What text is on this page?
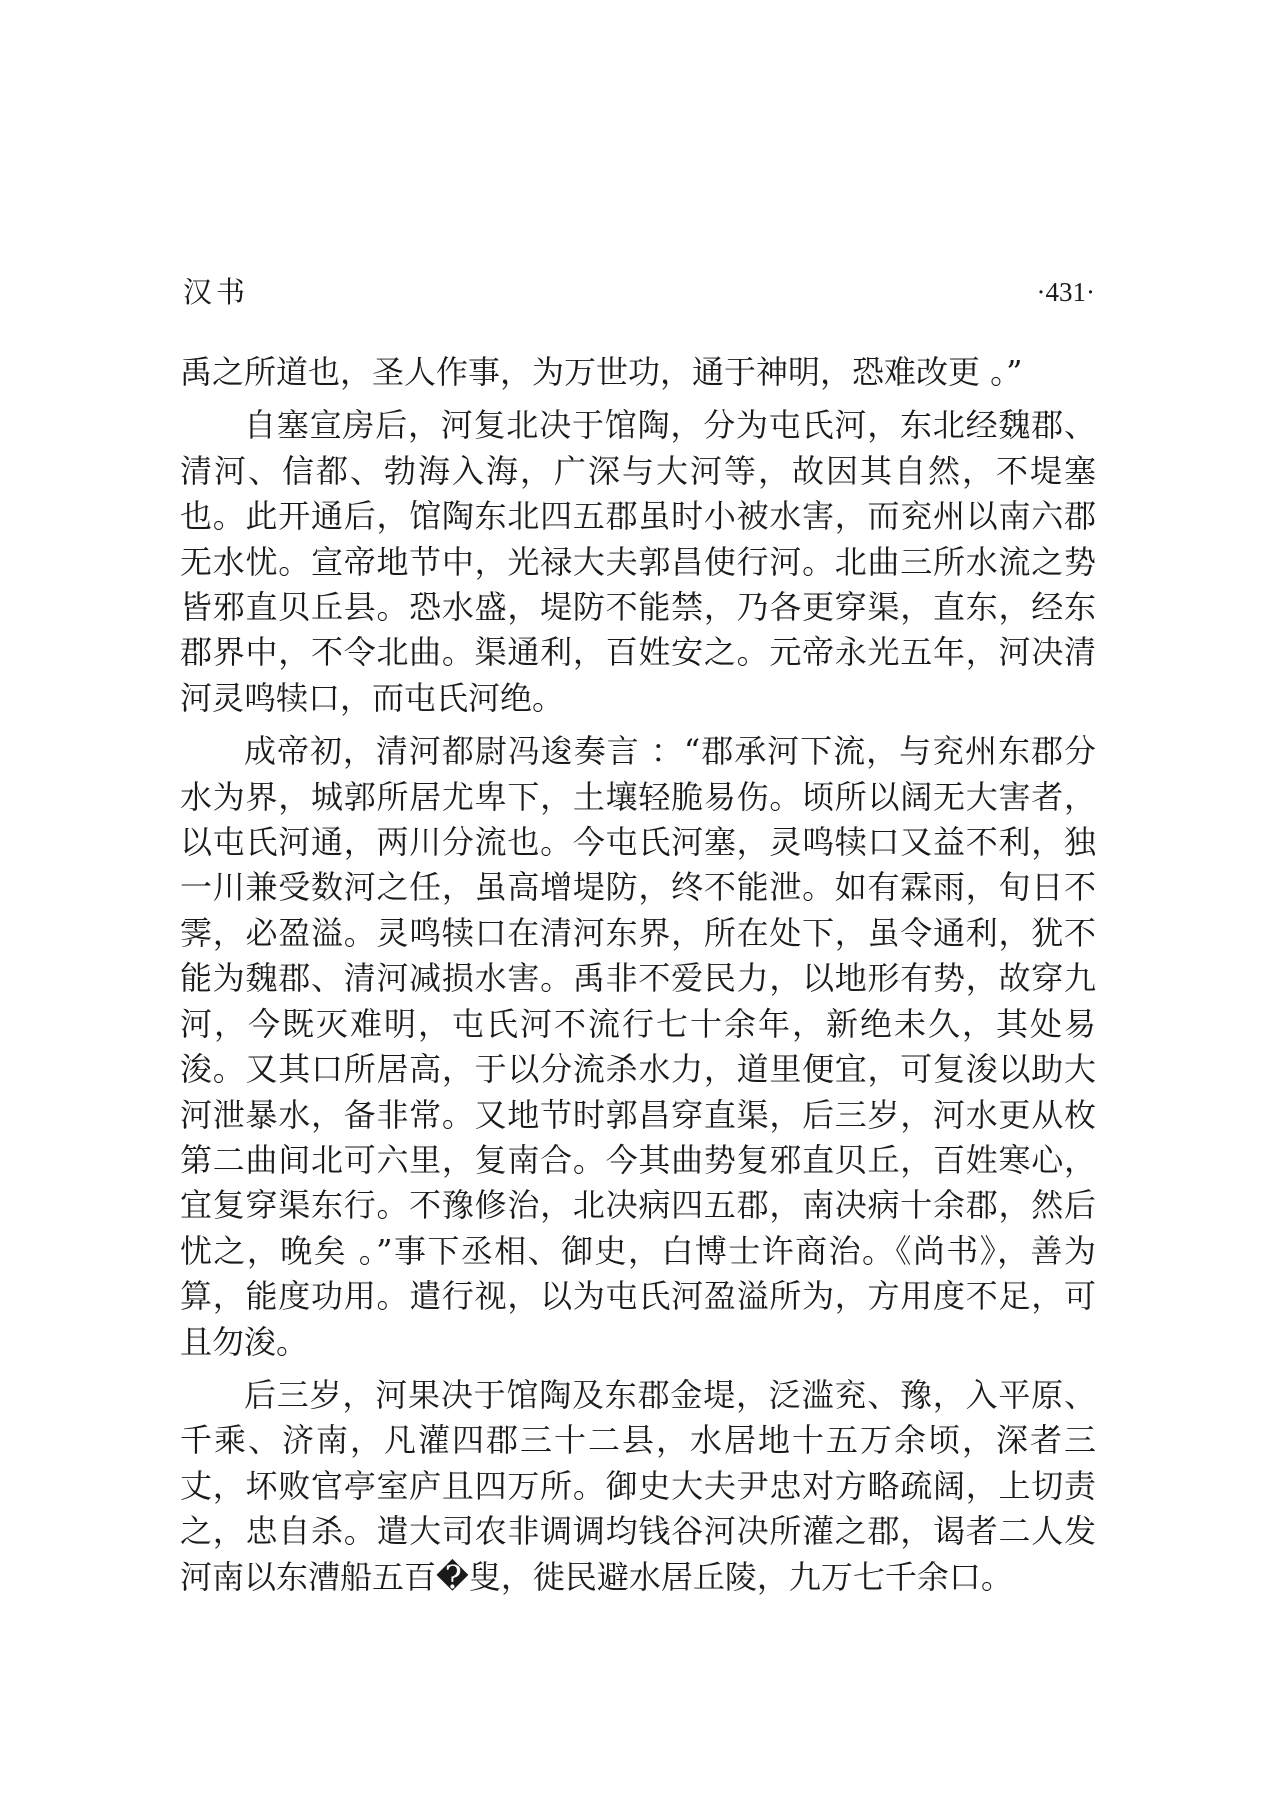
汉书	·431·

禹之所道也，圣人作事，为万世功，通于神明，恐难改更 。”

自塞宣房后，河复北决于馆陶，分为屯氏河，东北经魏郡、清河、信都、勃海入海，广深与大河等，故因其自然，不堤塞也。此开通后，馆陶东北四五郡虽时小被水害，而兖州以南六郡无水忧。宣帝地节中，光禄大夫郭昌使行河。北曲三所水流之势皆邪直贝丘县。恐水盛，堤防不能禁，乃各更穿渠，直东，经东郡界中，不令北曲。渠通利，百姓安之。元帝永光五年，河决清河灵鸣犊口，而屯氏河绝。

成帝初，清河都尉冯逡奏言 ：“郡承河下流，与兖州东郡分水为界，城郭所居尤卑下，土壤轻脆易伤。顷所以阔无大害者，以屯氏河通，两川分流也。今屯氏河塞，灵鸣犊口又益不利，独一川兼受数河之任，虽高增堤防，终不能泄。如有霖雨，旬日不霁，必盈溢。灵鸣犊口在清河东界，所在处下，虽令通利，犹不能为魏郡、清河减损水害。禹非不爱民力，以地形有势，故穿九河，今既灭难明，屯氏河不流行七十余年，新绝未久，其处易浚。又其口所居高，于以分流杀水力，道里便宜，可复浚以助大河泄暴水，备非常。又地节时郭昌穿直渠，后三岁，河水更从枚第二曲间北可六里，复南合。今其曲势复邪直贝丘，百姓寒心，宜复穿渠东行。不豫修治，北决病四五郡，南决病十余郡，然后忧之，晚矣 。”事下丞相、御史，白博士许商治。《尚书》，善为算，能度功用。遣行视，以为屯氏河盈溢所为，方用度不足，可且勿浚。

后三岁，河果决于馆陶及东郡金堤，泛滥兖、豫，入平原、千乘、济南，凡灌四郡三十二县，水居地十五万余顷，深者三丈，坏败官亭室庐且四万所。御史大夫尹忠对方略疏阔，上切责之，忠自杀。遣大司农非调调均钱谷河决所灌之郡，谒者二人发河南以东漕船五百�叟，徙民避水居丘陵，九万七千余口。
